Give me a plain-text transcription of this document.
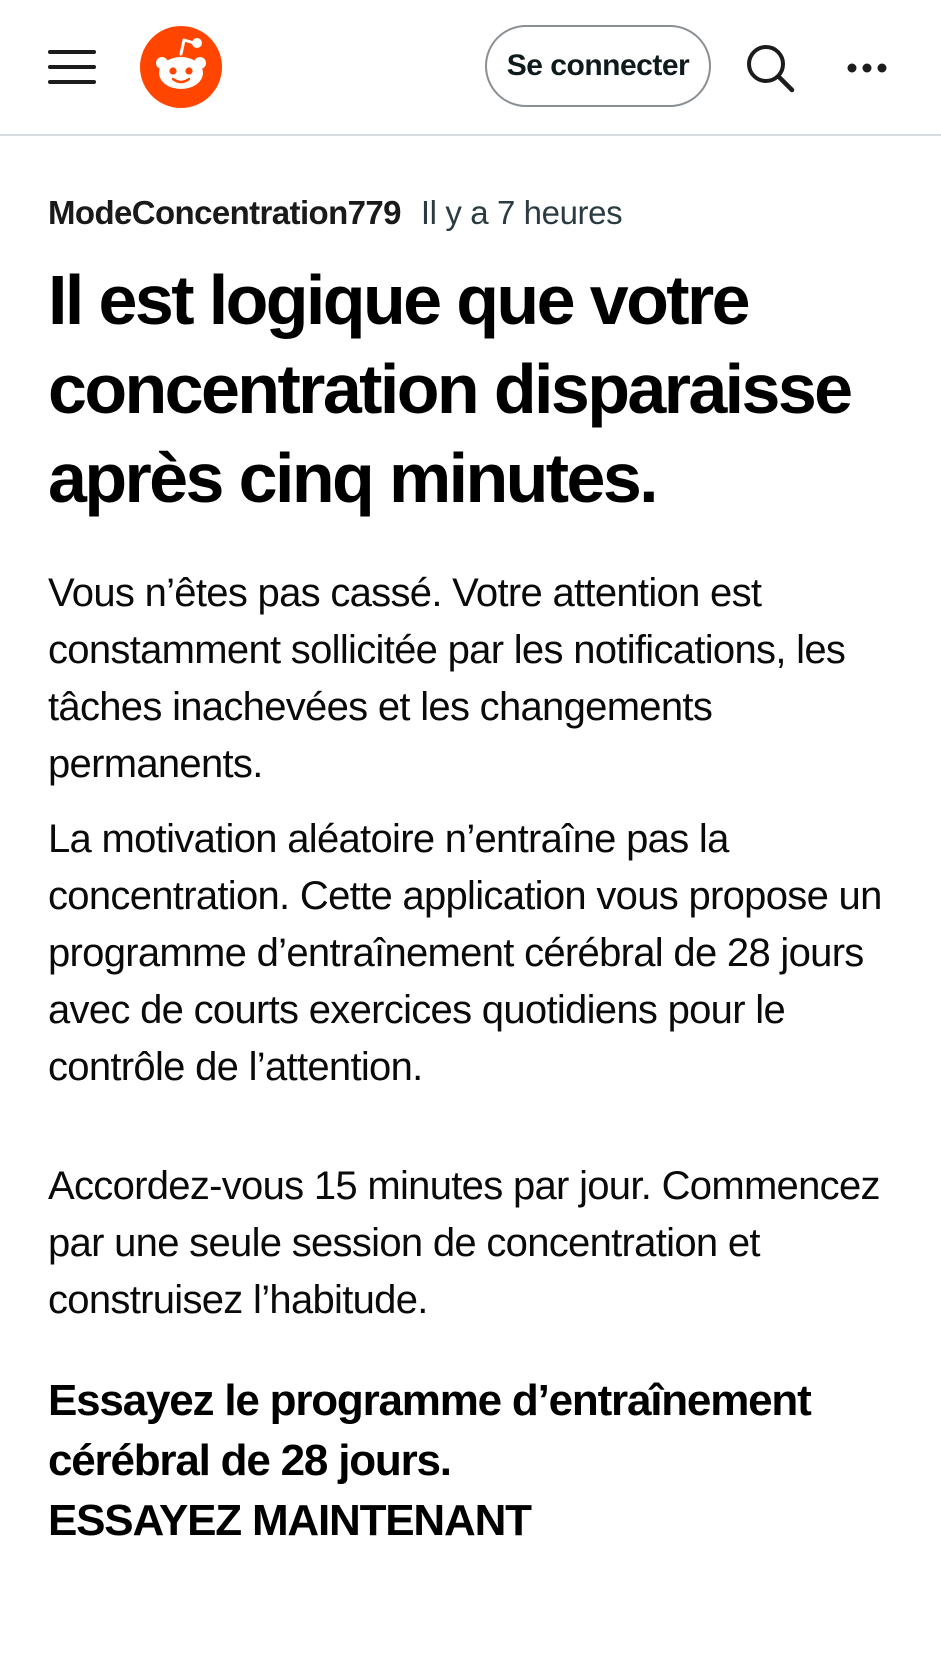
Se connecter
ModeConcentration779 Il y a 7 heures
Il est logique que votre concentration disparaisse après cinq minutes.

Vous n’êtes pas cassé. Votre attention est constamment sollicitée par les notifications, les tâches inachevées et les changements permanents.

La motivation aléatoire n’entraîne pas la concentration. Cette application vous propose un programme d’entraînement cérébral de 28 jours avec de courts exercices quotidiens pour le contrôle de l’attention.

Accordez-vous 15 minutes par jour. Commencez par une seule session de concentration et construisez l’habitude.

Essayez le programme d’entraînement cérébral de 28 jours.

ESSAYEZ MAINTENANT
